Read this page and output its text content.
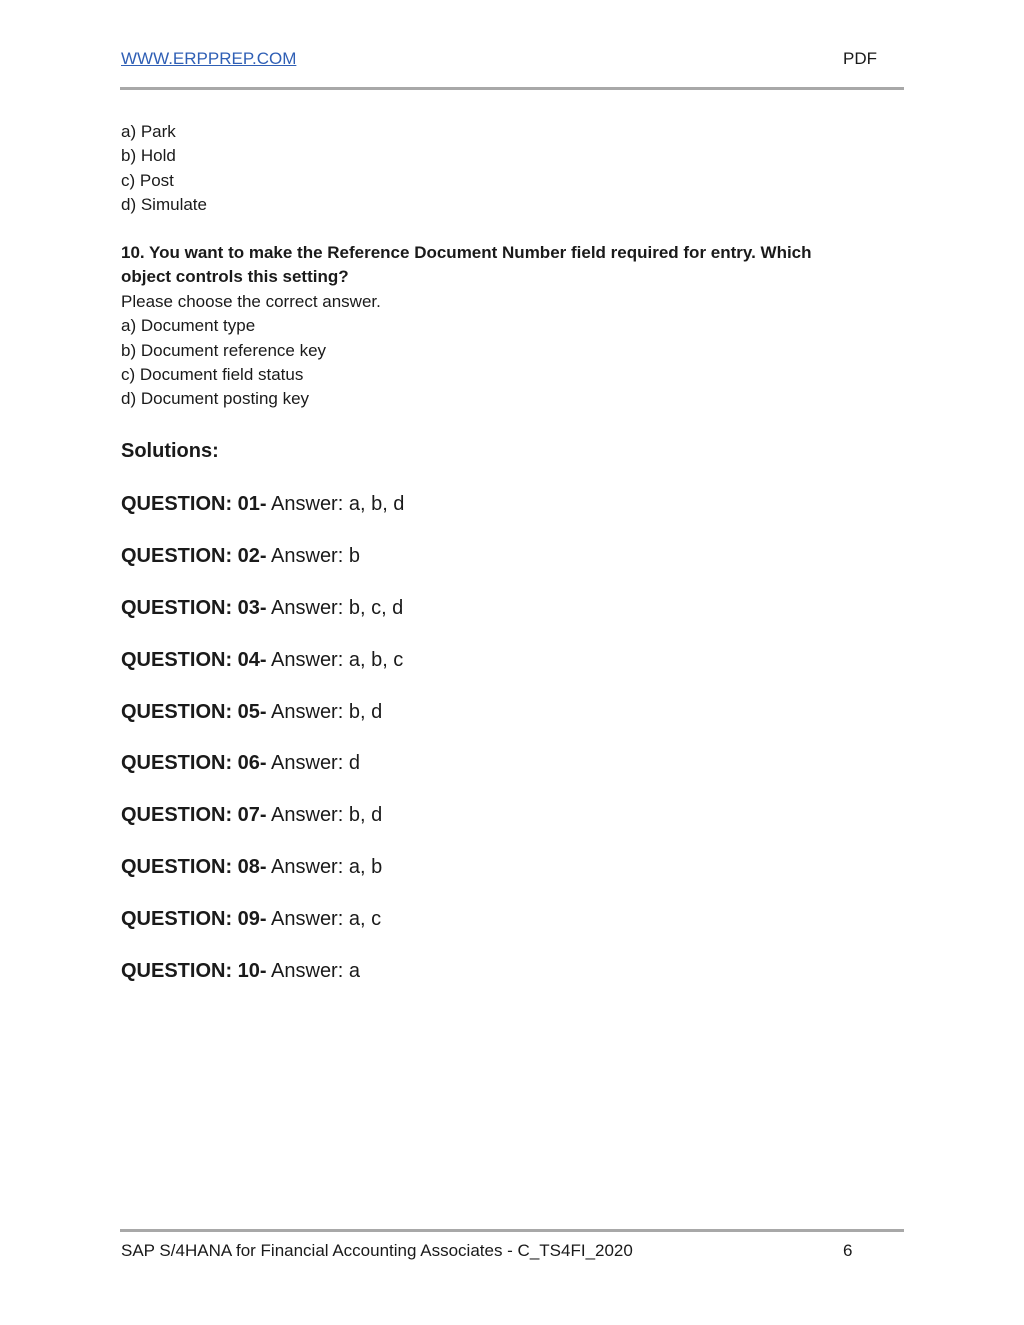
WWW.ERPPREP.COM	PDF
a) Park
b) Hold
c) Post
d) Simulate
10. You want to make the Reference Document Number field required for entry. Which
object controls this setting?
Please choose the correct answer.
a) Document type
b) Document reference key
c) Document field status
d) Document posting key
Solutions:
QUESTION: 01- Answer: a, b, d
QUESTION: 02- Answer: b
QUESTION: 03- Answer: b, c, d
QUESTION: 04- Answer: a, b, c
QUESTION: 05- Answer: b, d
QUESTION: 06- Answer: d
QUESTION: 07- Answer: b, d
QUESTION: 08- Answer: a, b
QUESTION: 09- Answer: a, c
QUESTION: 10- Answer: a
SAP S/4HANA for Financial Accounting Associates - C_TS4FI_2020	6
